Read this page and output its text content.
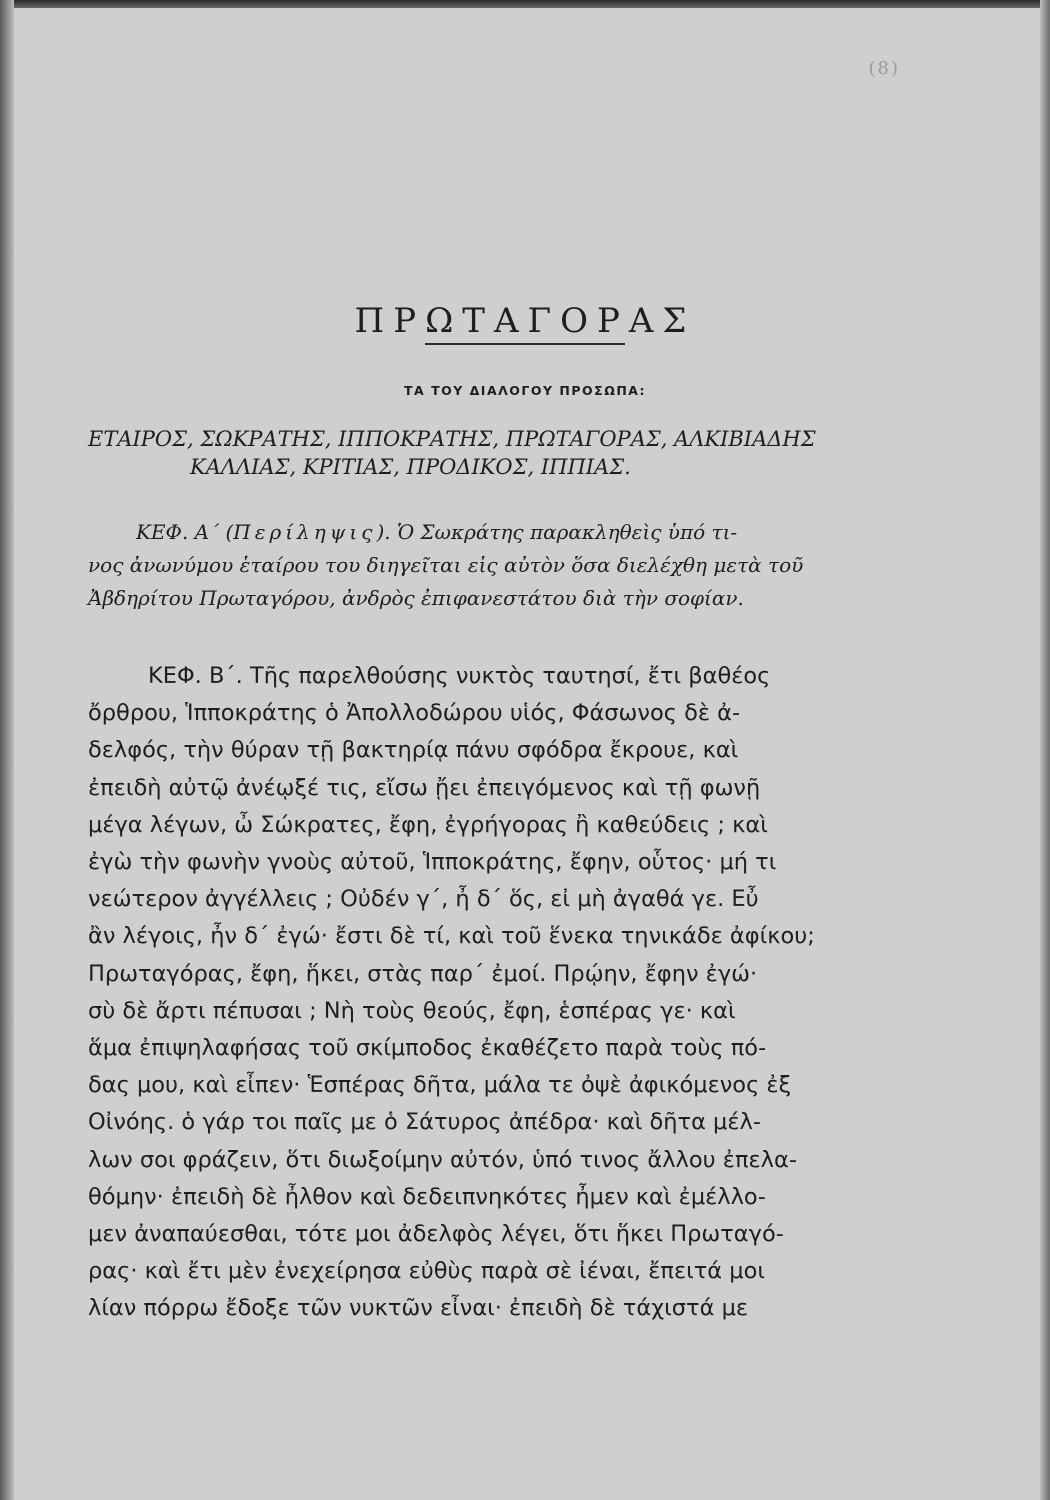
(8)
ΠΡΩΤΑΓΟΡΑΣ
ΤΑ ΤΟΥ ΔΙΑΛΟΓΟΥ ΠΡΟΣΩΠΑ:
ΕΤΑΙΡΟΣ, ΣΩΚΡΑΤΗΣ, ΙΠΠΟΚΡΑΤΗΣ, ΠΡΩΤΑΓΟΡΑΣ, ΑΛΚΙΒΙΑΔΗΣ
ΚΑΛΛΙΑΣ, ΚΡΙΤΙΑΣ, ΠΡΟΔΙΚΟΣ, ΙΠΠΙΑΣ.
ΚΕΦ. Α΄ (Περίληψις). Ὁ Σωκράτης παρακληθεὶς ὑπό τι-
νος ἀνωνύμου ἑταίρου του διηγεῖται εἰς αὐτὸν ὅσα διελέχθη μετὰ τοῦ
Ἀβδηρίτου Πρωταγόρου, ἀνδρὸς ἐπιφανεστάτου διὰ τὴν σοφίαν.
ΚΕΦ. Β΄. Τῆς παρελθούσης νυκτὸς ταυτησί, ἔτι βαθέος
ὄρθρου, Ἱπποκράτης ὁ Ἀπολλοδώρου υἱός, Φάσωνος δὲ ἀ-
δελφός, τὴν θύραν τῇ βακτηρίᾳ πάνυ σφόδρα ἔκρουε, καὶ
ἐπειδὴ αὐτῷ ἀνέῳξέ τις, εἴσω ᾔει ἐπειγόμενος καὶ τῇ φωνῇ
μέγα λέγων, ὦ Σώκρατες, ἔφη, ἐγρήγορας ἢ καθεύδεις ; καὶ
ἐγὼ τὴν φωνὴν γνοὺς αὐτοῦ, Ἱπποκράτης, ἔφην, οὗτος· μή τι
νεώτερον ἀγγέλλεις ; Οὐδέν γ΄, ἦ δ΄ ὅς, εἰ μὴ ἀγαθά γε. Εὖ
ἂν λέγοις, ἦν δ΄ ἐγώ· ἔστι δὲ τί, καὶ τοῦ ἕνεκα τηνικάδε ἀφίκου;
Πρωταγόρας, ἔφη, ἥκει, στὰς παρ΄ ἐμοί. Πρῴην, ἔφην ἐγώ·
σὺ δὲ ἄρτι πέπυσαι ; Νὴ τοὺς θεούς, ἔφη, ἑσπέρας γε· καὶ
ἅμα ἐπιψηλαφήσας τοῦ σκίμποδος ἐκαθέζετο παρὰ τοὺς πό-
δας μου, καὶ εἶπεν· Ἑσπέρας δῆτα, μάλα τε ὀψὲ ἀφικόμενος ἐξ
Οἰνόης. ὁ γάρ τοι παῖς με ὁ Σάτυρος ἀπέδρα· καὶ δῆτα μέλ-
λων σοι φράζειν, ὅτι διωξοίμην αὐτόν, ὑπό τινος ἄλλου ἐπελα-
θόμην· ἐπειδὴ δὲ ἦλθον καὶ δεδειπνηκότες ἦμεν καὶ ἐμέλλο-
μεν ἀναπαύεσθαι, τότε μοι ἀδελφὸς λέγει, ὅτι ἥκει Πρωταγό-
ρας· καὶ ἔτι μὲν ἐνεχείρησα εὐθὺς παρὰ σὲ ἰέναι, ἔπειτά μοι
λίαν πόρρω ἔδοξε τῶν νυκτῶν εἶναι· ἐπειδὴ δὲ τάχιστά με
